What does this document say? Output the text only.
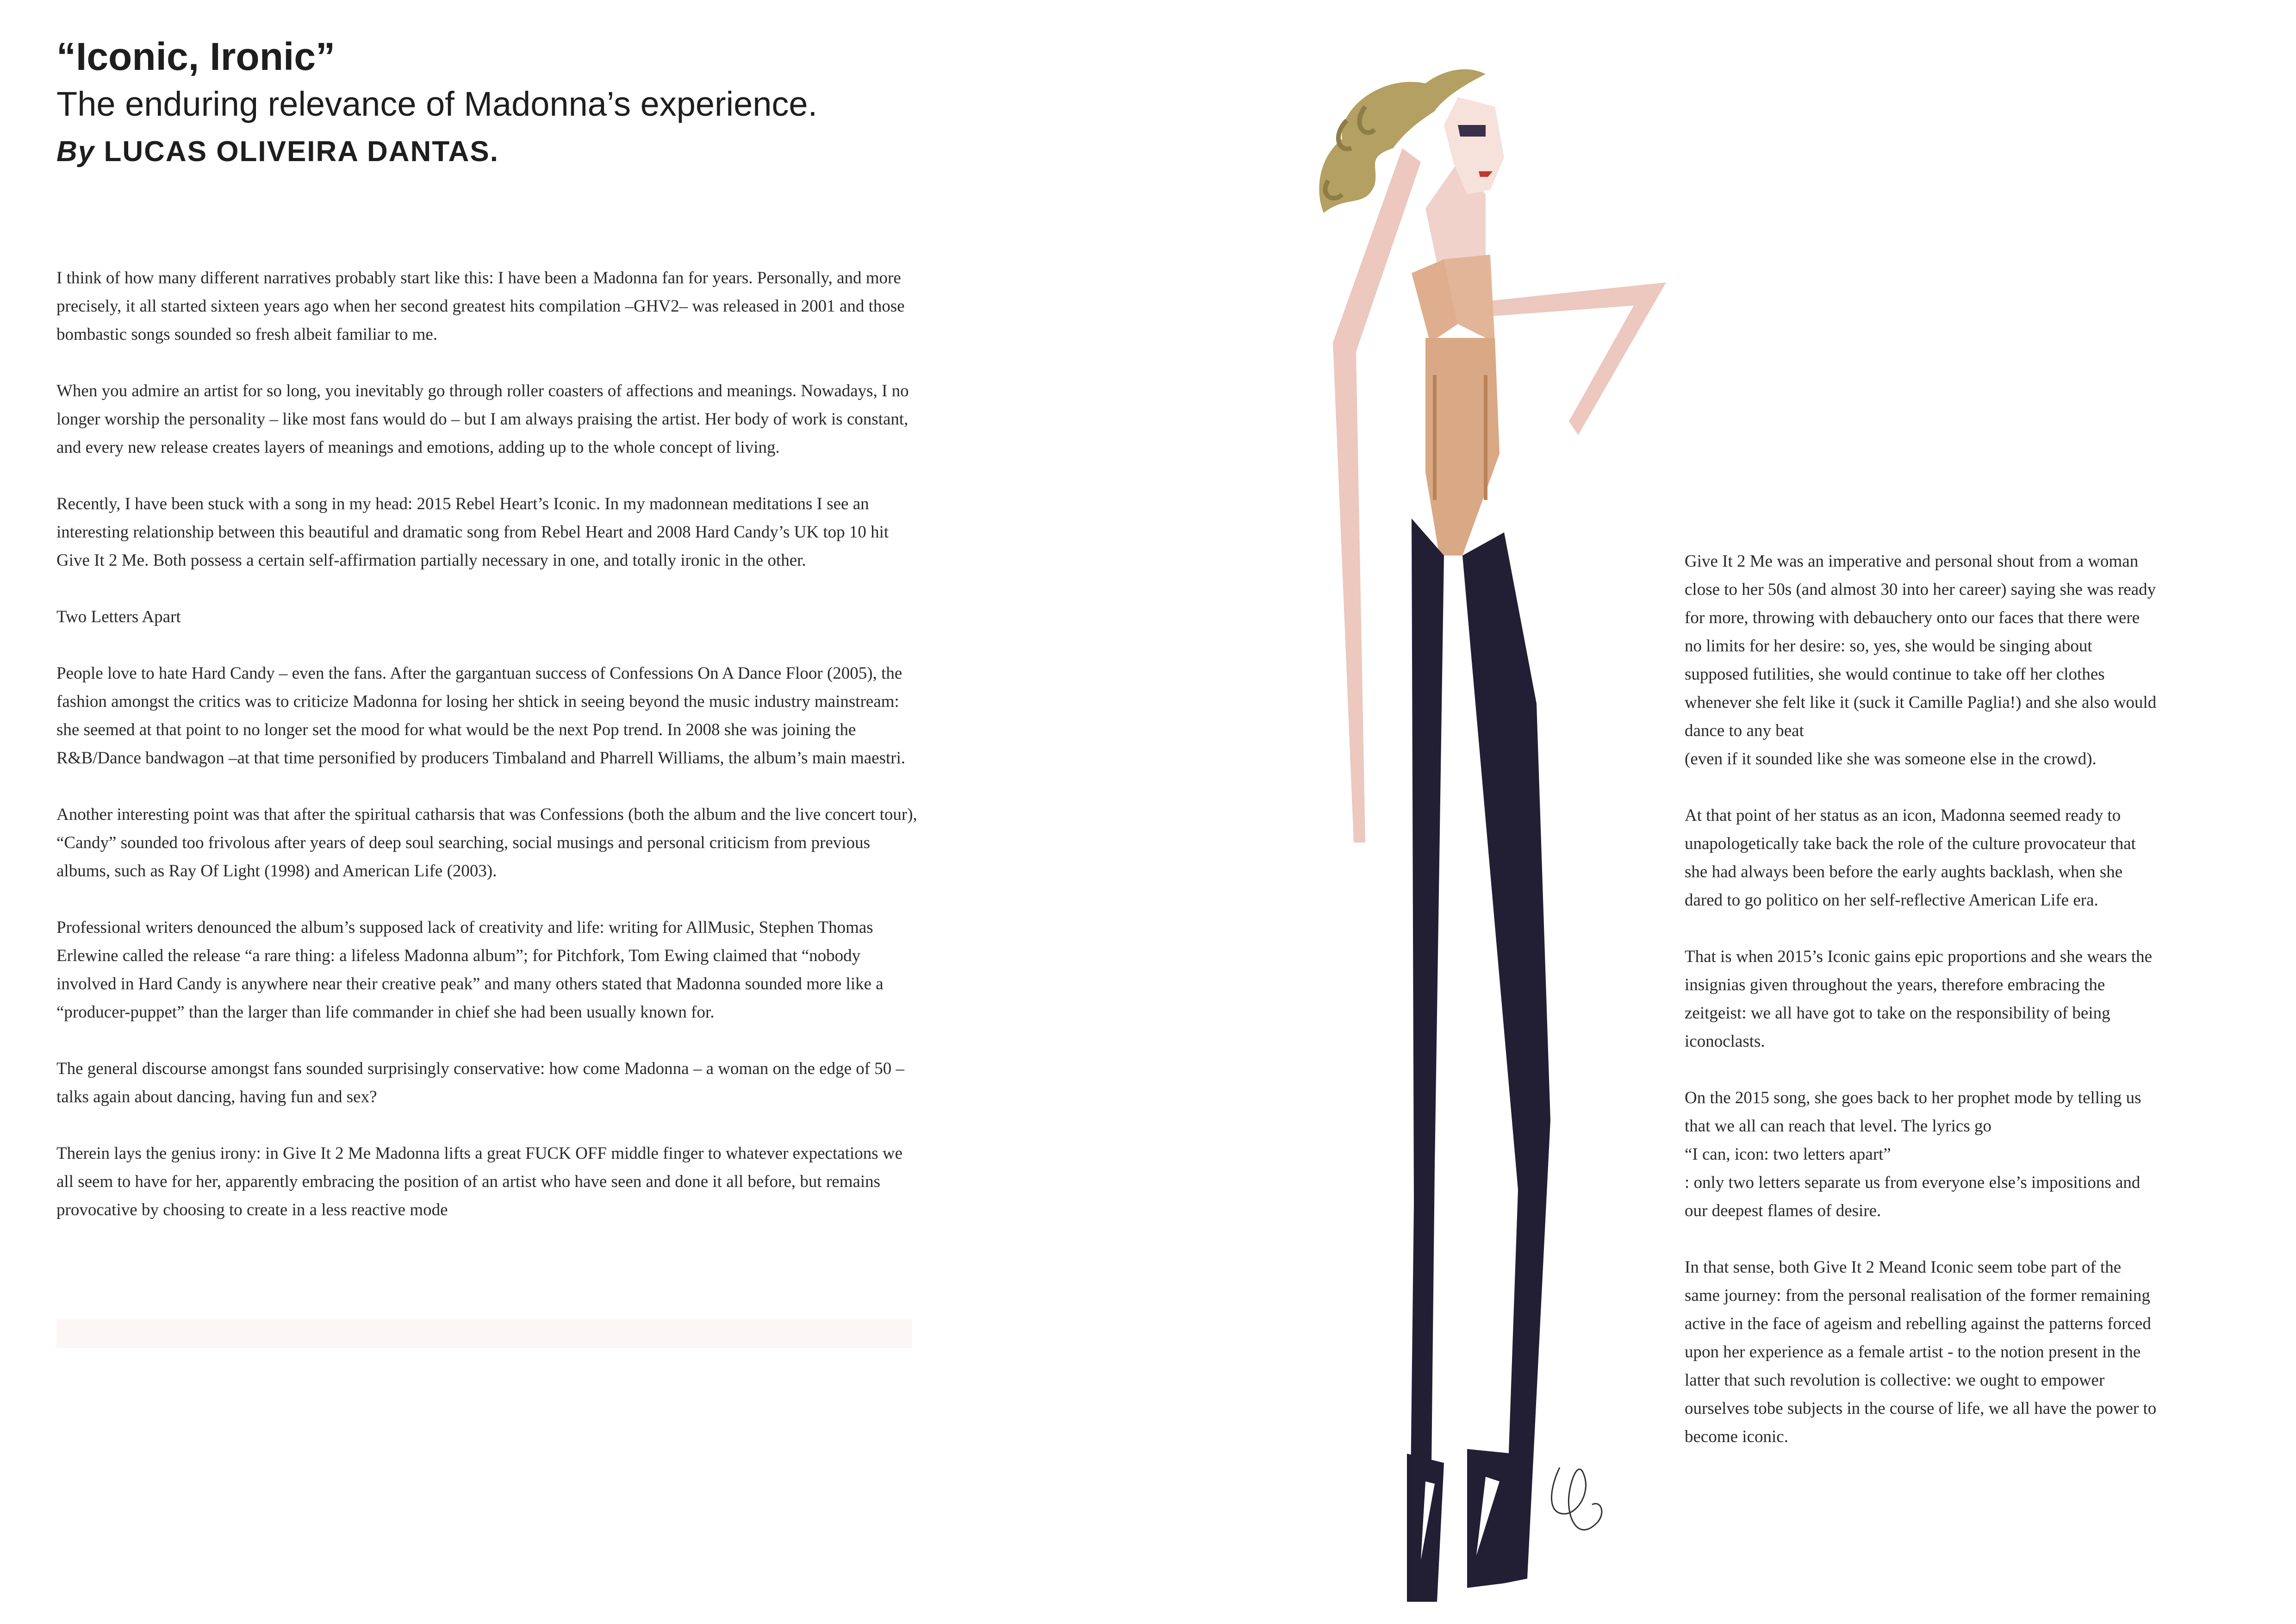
“Iconic, Ironic”
The enduring relevance of Madonna’s experience.
By LUCAS OLIVEIRA DANTAS.

I think of how many different narratives probably start like this: I have been a Madonna fan for years. Personally, and more precisely, it all started sixteen years ago when her second greatest hits compilation –GHV2– was released in 2001 and those bombastic songs sounded so fresh albeit familiar to me.

When you admire an artist for so long, you inevitably go through roller coasters of affections and meanings. Nowadays, I no longer worship the personality – like most fans would do – but I am always praising the artist. Her body of work is constant, and every new release creates layers of meanings and emotions, adding up to the whole concept of living.

Recently, I have been stuck with a song in my head: 2015 Rebel Heart’s Iconic. In my madonnean meditations I see an interesting relationship between this beautiful and dramatic song from Rebel Heart and 2008 Hard Candy’s UK top 10 hit Give It 2 Me. Both possess a certain self-affirmation partially necessary in one, and totally ironic in the other.

Two Letters Apart

People love to hate Hard Candy – even the fans. After the gargantuan success of Confessions On A Dance Floor (2005), the fashion amongst the critics was to criticize Madonna for losing her shtick in seeing beyond the music industry mainstream: she seemed at that point to no longer set the mood for what would be the next Pop trend. In 2008 she was joining the R&B/Dance bandwagon –at that time personified by producers Timbaland and Pharrell Williams, the album’s main maestri.

Another interesting point was that after the spiritual catharsis that was Confessions (both the album and the live concert tour), “Candy” sounded too frivolous after years of deep soul searching, social musings and personal criticism from previous albums, such as Ray Of Light (1998) and American Life (2003).

Professional writers denounced the album’s supposed lack of creativity and life: writing for AllMusic, Stephen Thomas Erlewine called the release “a rare thing: a lifeless Madonna album”; for Pitchfork, Tom Ewing claimed that “nobody involved in Hard Candy is anywhere near their creative peak” and many others stated that Madonna sounded more like a “producer-puppet” than the larger than life commander in chief she had been usually known for.

The general discourse amongst fans sounded surprisingly conservative: how come Madonna – a woman on the edge of 50 – talks again about dancing, having fun and sex?

Therein lays the genius irony: in Give It 2 Me Madonna lifts a great FUCK OFF middle finger to whatever expectations we all seem to have for her, apparently embracing the position of an artist who have seen and done it all before, but remains provocative by choosing to create in a less reactive mode

Give It 2 Me was an imperative and personal shout from a woman close to her 50s (and almost 30 into her career) saying she was ready for more, throwing with debauchery onto our faces that there were no limits for her desire: so, yes, she would be singing about supposed futilities, she would continue to take off her clothes whenever she felt like it (suck it Camille Paglia!) and she also would dance to any beat
(even if it sounded like she was someone else in the crowd).

At that point of her status as an icon, Madonna seemed ready to unapologetically take back the role of the culture provocateur that she had always been before the early aughts backlash, when she dared to go politico on her self-reflective American Life era.

That is when 2015’s Iconic gains epic proportions and she wears the insignias given throughout the years, therefore embracing the zeitgeist: we all have got to take on the responsibility of being iconoclasts.

On the 2015 song, she goes back to her prophet mode by telling us that we all can reach that level. The lyrics go
“I can, icon: two letters apart”
: only two letters separate us from everyone else’s impositions and our deepest flames of desire.

In that sense, both Give It 2 Meand Iconic seem tobe part of the same journey: from the personal realisation of the former remaining active in the face of ageism and rebelling against the patterns forced upon her experience as a female artist - to the notion present in the latter that such revolution is collective: we ought to empower ourselves tobe subjects in the course of life, we all have the power to become iconic.
